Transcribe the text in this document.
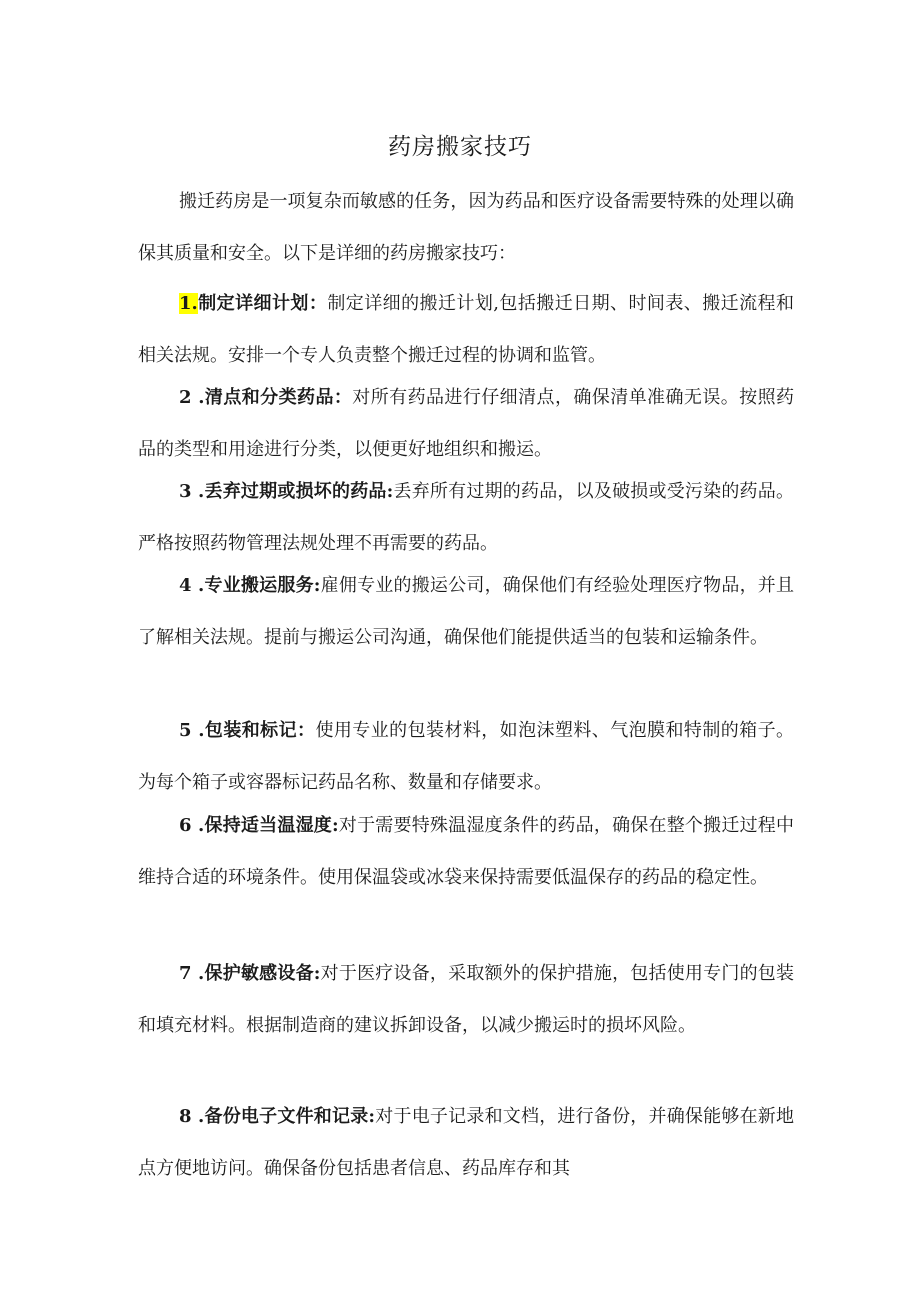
药房搬家技巧

搬迁药房是一项复杂而敏感的任务，因为药品和医疗设备需要特殊的处理以确保其质量和安全。以下是详细的药房搬家技巧：

1.制定详细计划：制定详细的搬迁计划,包括搬迁日期、时间表、搬迁流程和相关法规。安排一个专人负责整个搬迁过程的协调和监管。

2 .清点和分类药品：对所有药品进行仔细清点，确保清单准确无误。按照药品的类型和用途进行分类，以便更好地组织和搬运。

3 .丢弃过期或损坏的药品:丢弃所有过期的药品，以及破损或受污染的药品。严格按照药物管理法规处理不再需要的药品。

4 .专业搬运服务:雇佣专业的搬运公司，确保他们有经验处理医疗物品，并且了解相关法规。提前与搬运公司沟通，确保他们能提供适当的包装和运输条件。

5 .包装和标记：使用专业的包装材料，如泡沫塑料、气泡膜和特制的箱子。为每个箱子或容器标记药品名称、数量和存储要求。

6 .保持适当温湿度:对于需要特殊温湿度条件的药品，确保在整个搬迁过程中维持合适的环境条件。使用保温袋或冰袋来保持需要低温保存的药品的稳定性。

7 .保护敏感设备:对于医疗设备，采取额外的保护措施，包括使用专门的包装和填充材料。根据制造商的建议拆卸设备，以减少搬运时的损坏风险。

8 .备份电子文件和记录:对于电子记录和文档，进行备份，并确保能够在新地点方便地访问。确保备份包括患者信息、药品库存和其
